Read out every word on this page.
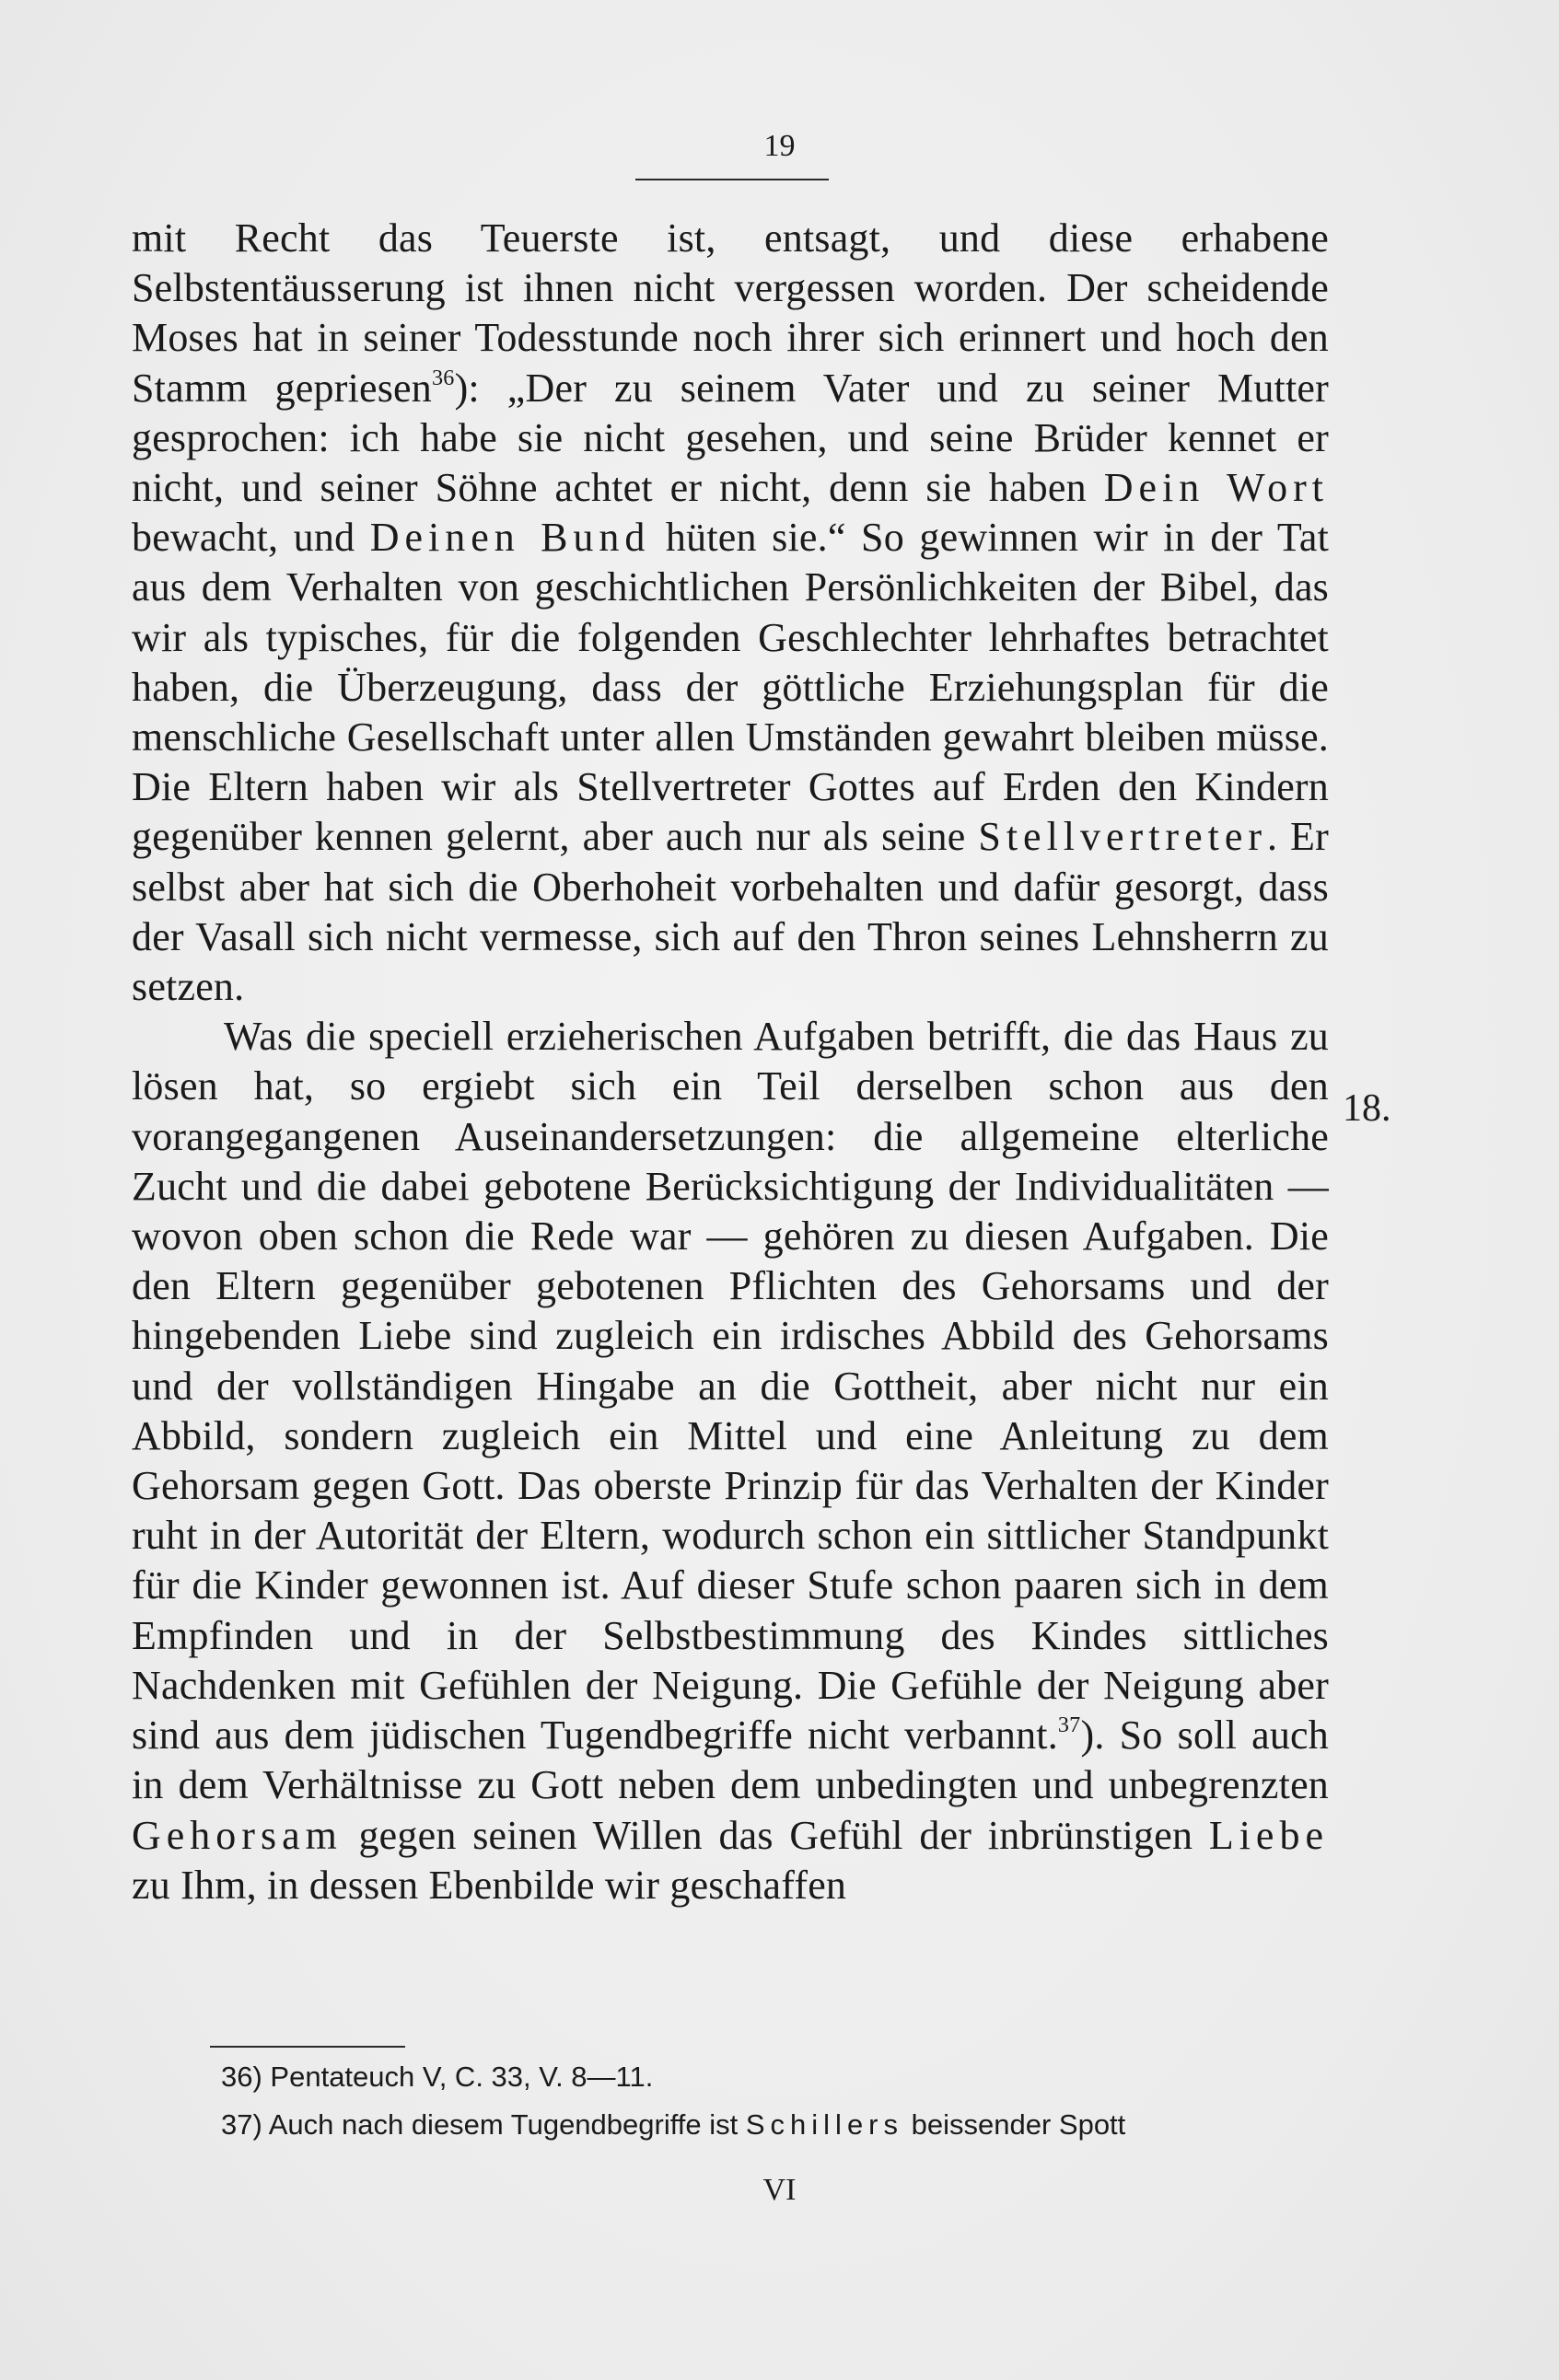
19

mit Recht das Teuerste ist, entsagt, und diese erhabene Selbstentäusserung ist ihnen nicht vergessen worden. Der scheidende Moses hat in seiner Todesstunde noch ihrer sich erinnert und hoch den Stamm gepriesen$^{36}$): „Der zu seinem Vater und zu seiner Mutter gesprochen: ich habe sie nicht gesehen, und seine Brüder kennet er nicht, und seiner Söhne achtet er nicht, denn sie haben Dein Wort bewacht, und Deinen Bund hüten sie.“ So gewinnen wir in der Tat aus dem Verhalten von geschichtlichen Persönlichkeiten der Bibel, das wir als typisches, für die folgenden Geschlechter lehrhaftes betrachtet haben, die Überzeugung, dass der göttliche Erziehungsplan für die menschliche Gesellschaft unter allen Umständen gewahrt bleiben müsse. Die Eltern haben wir als Stellvertreter Gottes auf Erden den Kindern gegenüber kennen gelernt, aber auch nur als seine Stellvertreter. Er selbst aber hat sich die Oberhoheit vorbehalten und dafür gesorgt, dass der Vasall sich nicht vermesse, sich auf den Thron seines Lehnsherrn zu setzen.

Was die speciell erzieherischen Aufgaben betrifft, die das Haus zu lösen hat, so ergiebt sich ein Teil derselben schon aus den vorangegangenen Auseinandersetzungen: die allgemeine elterliche Zucht und die dabei gebotene Berücksichtigung der Individualitäten — wovon oben schon die Rede war — gehören zu diesen Aufgaben. Die den Eltern gegenüber gebotenen Pflichten des Gehorsams und der hingebenden Liebe sind zugleich ein irdisches Abbild des Gehorsams und der vollständigen Hingabe an die Gottheit, aber nicht nur ein Abbild, sondern zugleich ein Mittel und eine Anleitung zu dem Gehorsam gegen Gott. Das oberste Prinzip für das Verhalten der Kinder ruht in der Autorität der Eltern, wodurch schon ein sittlicher Standpunkt für die Kinder gewonnen ist. Auf dieser Stufe schon paaren sich in dem Empfinden und in der Selbstbestimmung des Kindes sittliches Nachdenken mit Gefühlen der Neigung. Die Gefühle der Neigung aber sind aus dem jüdischen Tugendbegriffe nicht verbannt.$^{37}$). So soll auch in dem Verhältnisse zu Gott neben dem unbedingten und unbegrenzten Gehorsam gegen seinen Willen das Gefühl der inbrünstigen Liebe zu Ihm, in dessen Ebenbilde wir geschaffen

18.
36) Pentateuch V, C. 33, V. 8—11.
37) Auch nach diesem Tugendbegriffe ist Schillers beissender Spott
VI
